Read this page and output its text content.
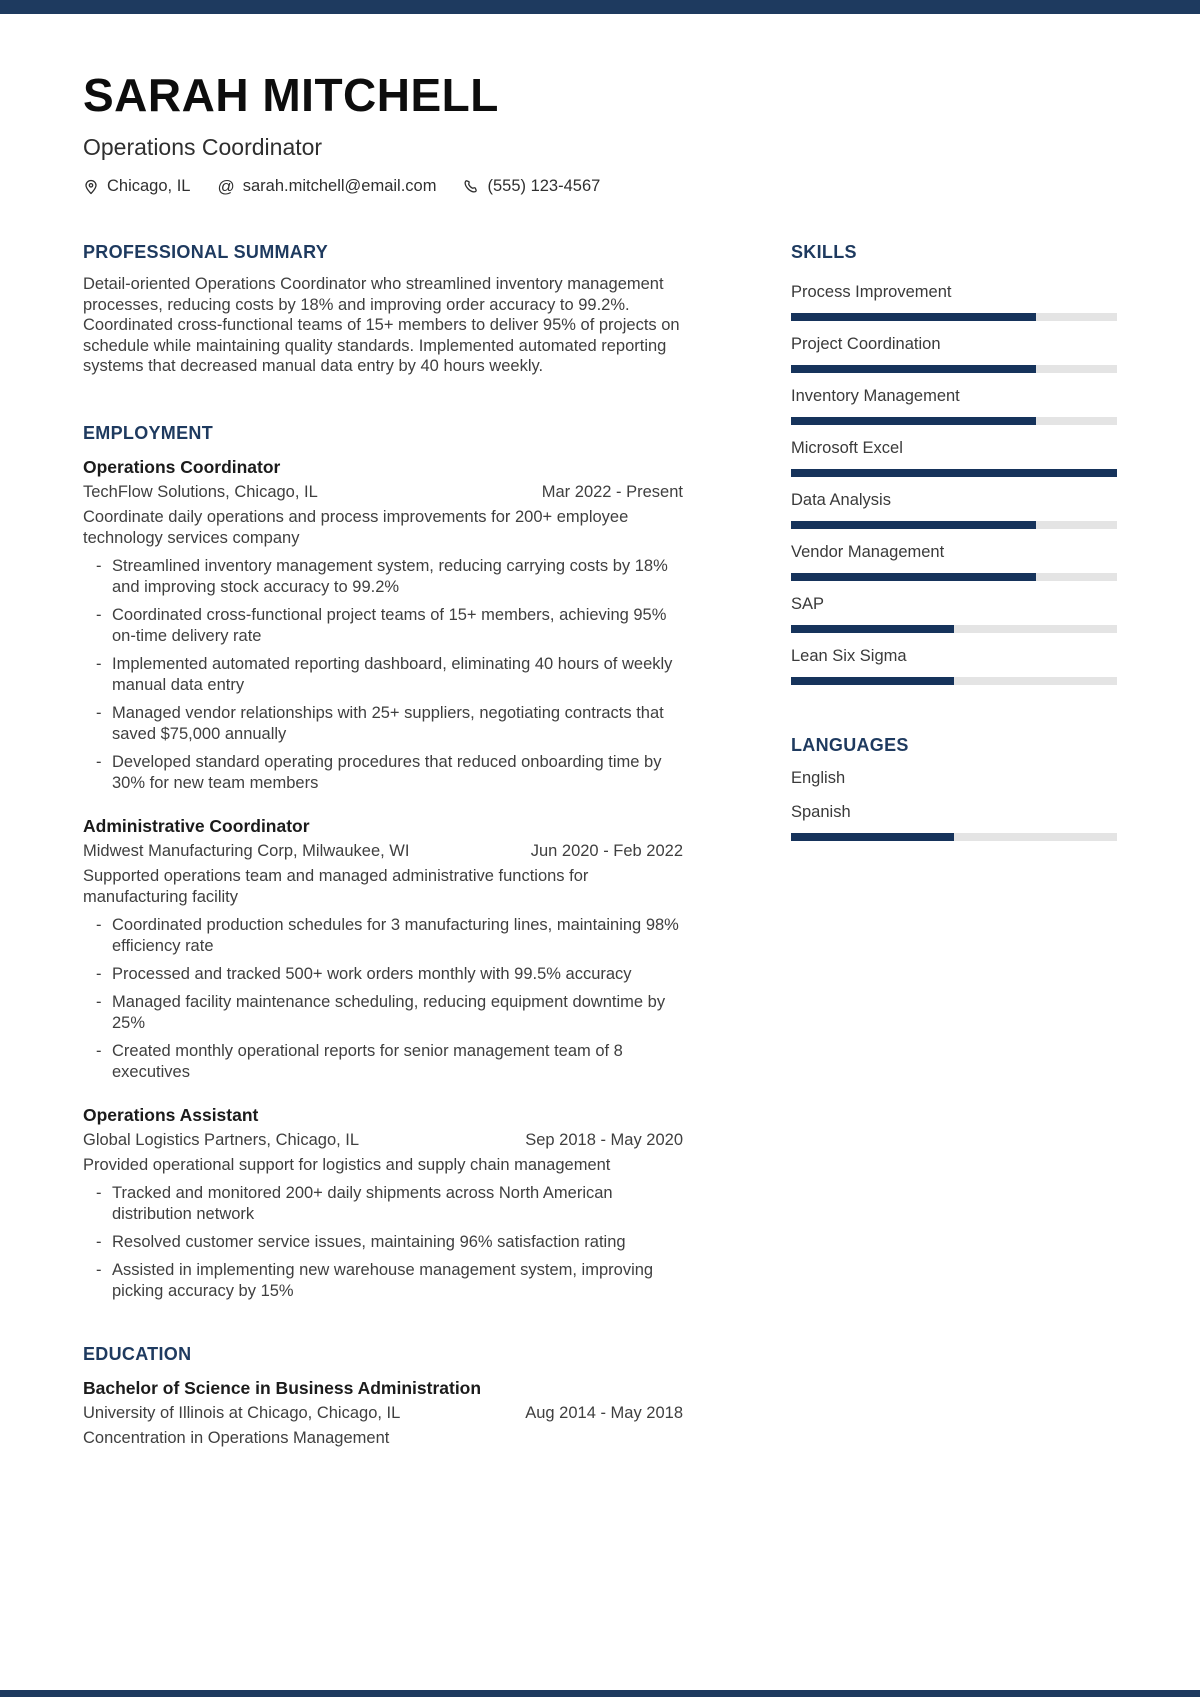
SARAH MITCHELL
Operations Coordinator
Chicago, IL @ sarah.mitchell@email.com	(555) 123-4567
PROFESSIONAL SUMMARY

Detail-oriented Operations Coordinator who streamlined inventory management processes, reducing costs by 18% and improving order accuracy to 99.2%. Coordinated cross-functional teams of 15+ members to deliver 95% of projects on schedule while maintaining quality standards. Implemented automated reporting systems that decreased manual data entry by 40 hours weekly.

EMPLOYMENT
Operations Coordinator
TechFlow Solutions, Chicago, IL	Mar 2022 - Present

Coordinate daily operations and process improvements for 200+ employee technology services company

- Streamlined inventory management system, reducing carrying costs by 18% and improving stock accuracy to 99.2%
- Coordinated cross-functional project teams of 15+ members, achieving 95% on-time delivery rate
- Implemented automated reporting dashboard, eliminating 40 hours of weekly manual data entry
- Managed vendor relationships with 25+ suppliers, negotiating contracts that saved $75,000 annually
- Developed standard operating procedures that reduced onboarding time by 30% for new team members
Administrative Coordinator
Midwest Manufacturing Corp, Milwaukee, WI	Jun 2020 - Feb 2022

Supported operations team and managed administrative functions for manufacturing facility

- Coordinated production schedules for 3 manufacturing lines, maintaining 98% efficiency rate
- Processed and tracked 500+ work orders monthly with 99.5% accuracy
- Managed facility maintenance scheduling, reducing equipment downtime by 25%
- Created monthly operational reports for senior management team of 8 executives
Operations Assistant
Global Logistics Partners, Chicago, IL	Sep 2018 - May 2020

Provided operational support for logistics and supply chain management

- Tracked and monitored 200+ daily shipments across North American distribution network
- Resolved customer service issues, maintaining 96% satisfaction rating
- Assisted in implementing new warehouse management system, improving picking accuracy by 15%
EDUCATION
Bachelor of Science in Business Administration
University of Illinois at Chicago, Chicago, IL	Aug 2014 - May 2018

Concentration in Operations Management

SKILLS
Process Improvement
Project Coordination
Inventory Management
Microsoft Excel
Data Analysis
Vendor Management
SAP
Lean Six Sigma
LANGUAGES
English
Spanish
